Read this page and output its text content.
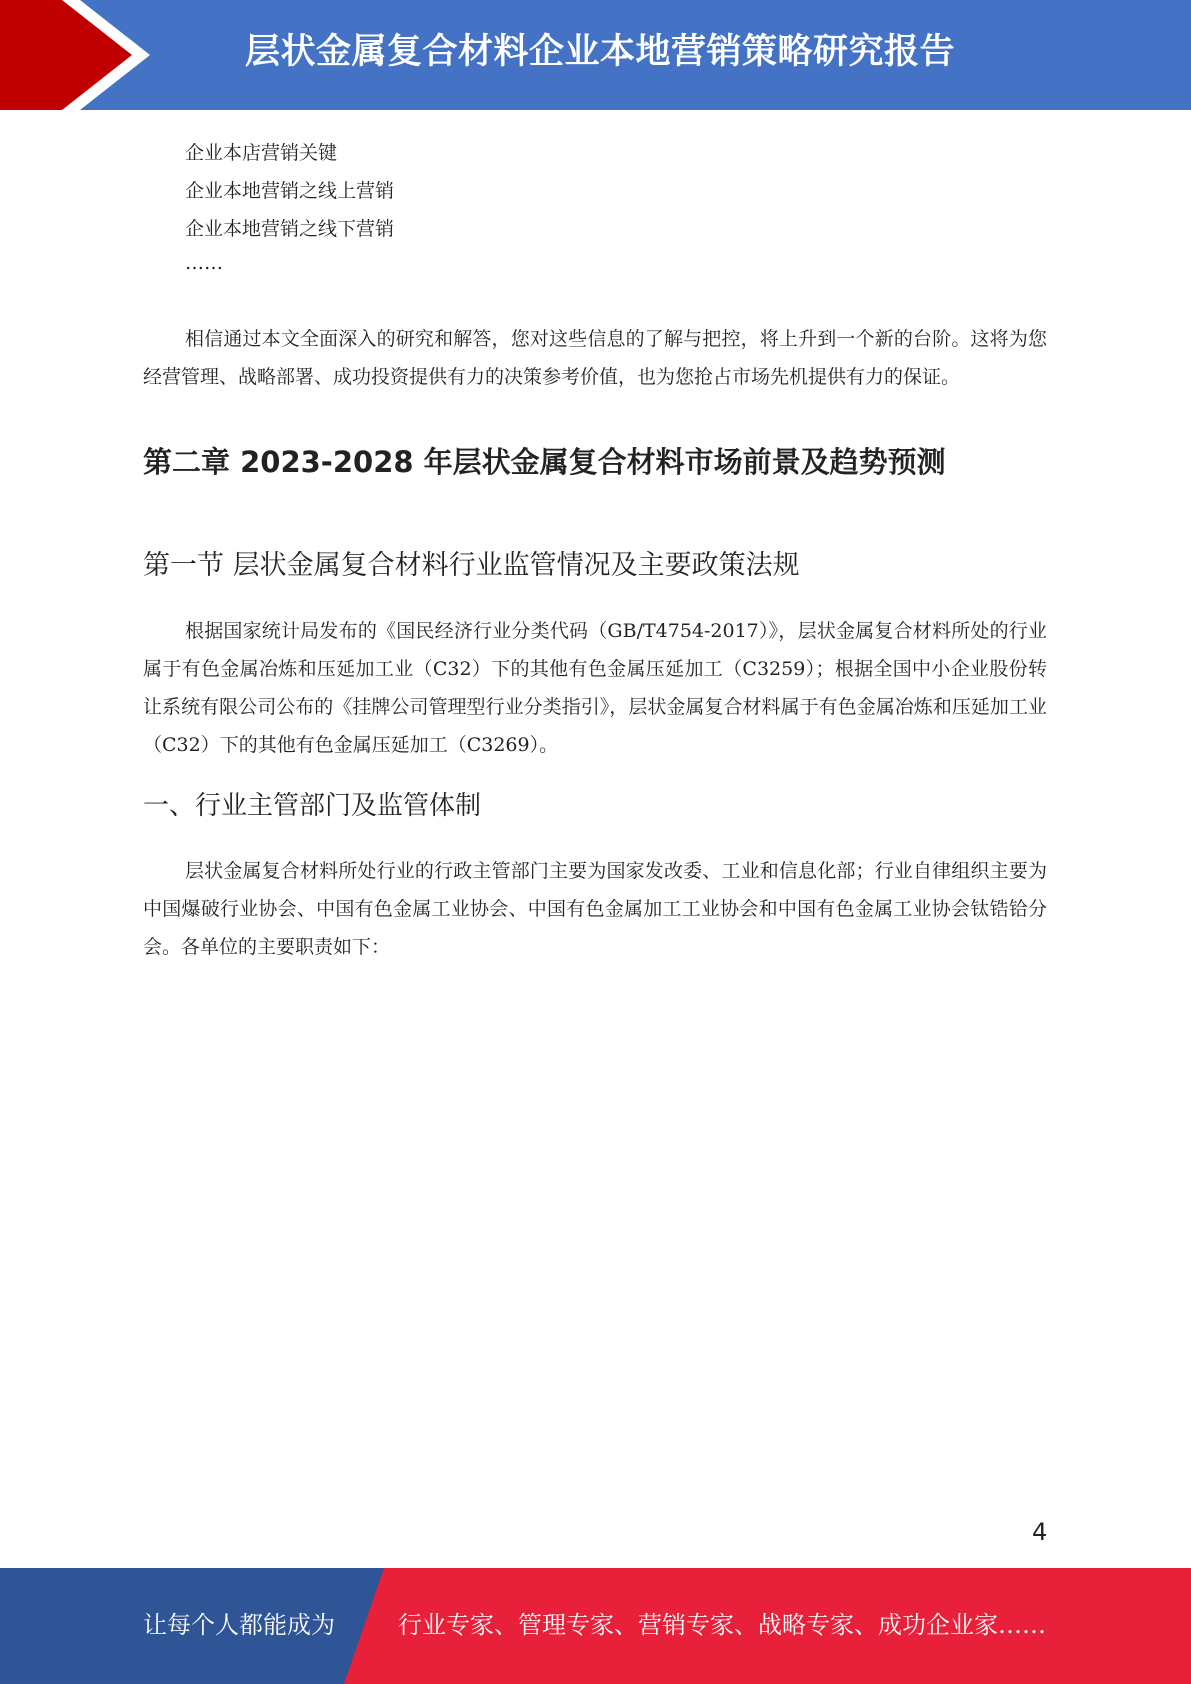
层状金属复合材料企业本地营销策略研究报告

企业本店营销关键

企业本地营销之线上营销

企业本地营销之线下营销

……

相信通过本文全面深入的研究和解答，您对这些信息的了解与把控，将上升到一个新的台阶。这将为您经营管理、战略部署、成功投资提供有力的决策参考价值，也为您抢占市场先机提供有力的保证。

第二章 2023-2028 年层状金属复合材料市场前景及趋势预测
第一节 层状金属复合材料行业监管情况及主要政策法规

根据国家统计局发布的《国民经济行业分类代码（GB/T4754-2017）》，层状金属复合材料所处的行业属于有色金属冶炼和压延加工业（C32）下的其他有色金属压延加工（C3259）；根据全国中小企业股份转让系统有限公司公布的《挂牌公司管理型行业分类指引》，层状金属复合材料属于有色金属冶炼和压延加工业（C32）下的其他有色金属压延加工（C3269）。

一、行业主管部门及监管体制

层状金属复合材料所处行业的行政主管部门主要为国家发改委、工业和信息化部；行业自律组织主要为中国爆破行业协会、中国有色金属工业协会、中国有色金属加工工业协会和中国有色金属工业协会钛锆铪分会。各单位的主要职责如下：

4
让每个人都能成为	行业专家、管理专家、营销专家、战略专家、成功企业家……
